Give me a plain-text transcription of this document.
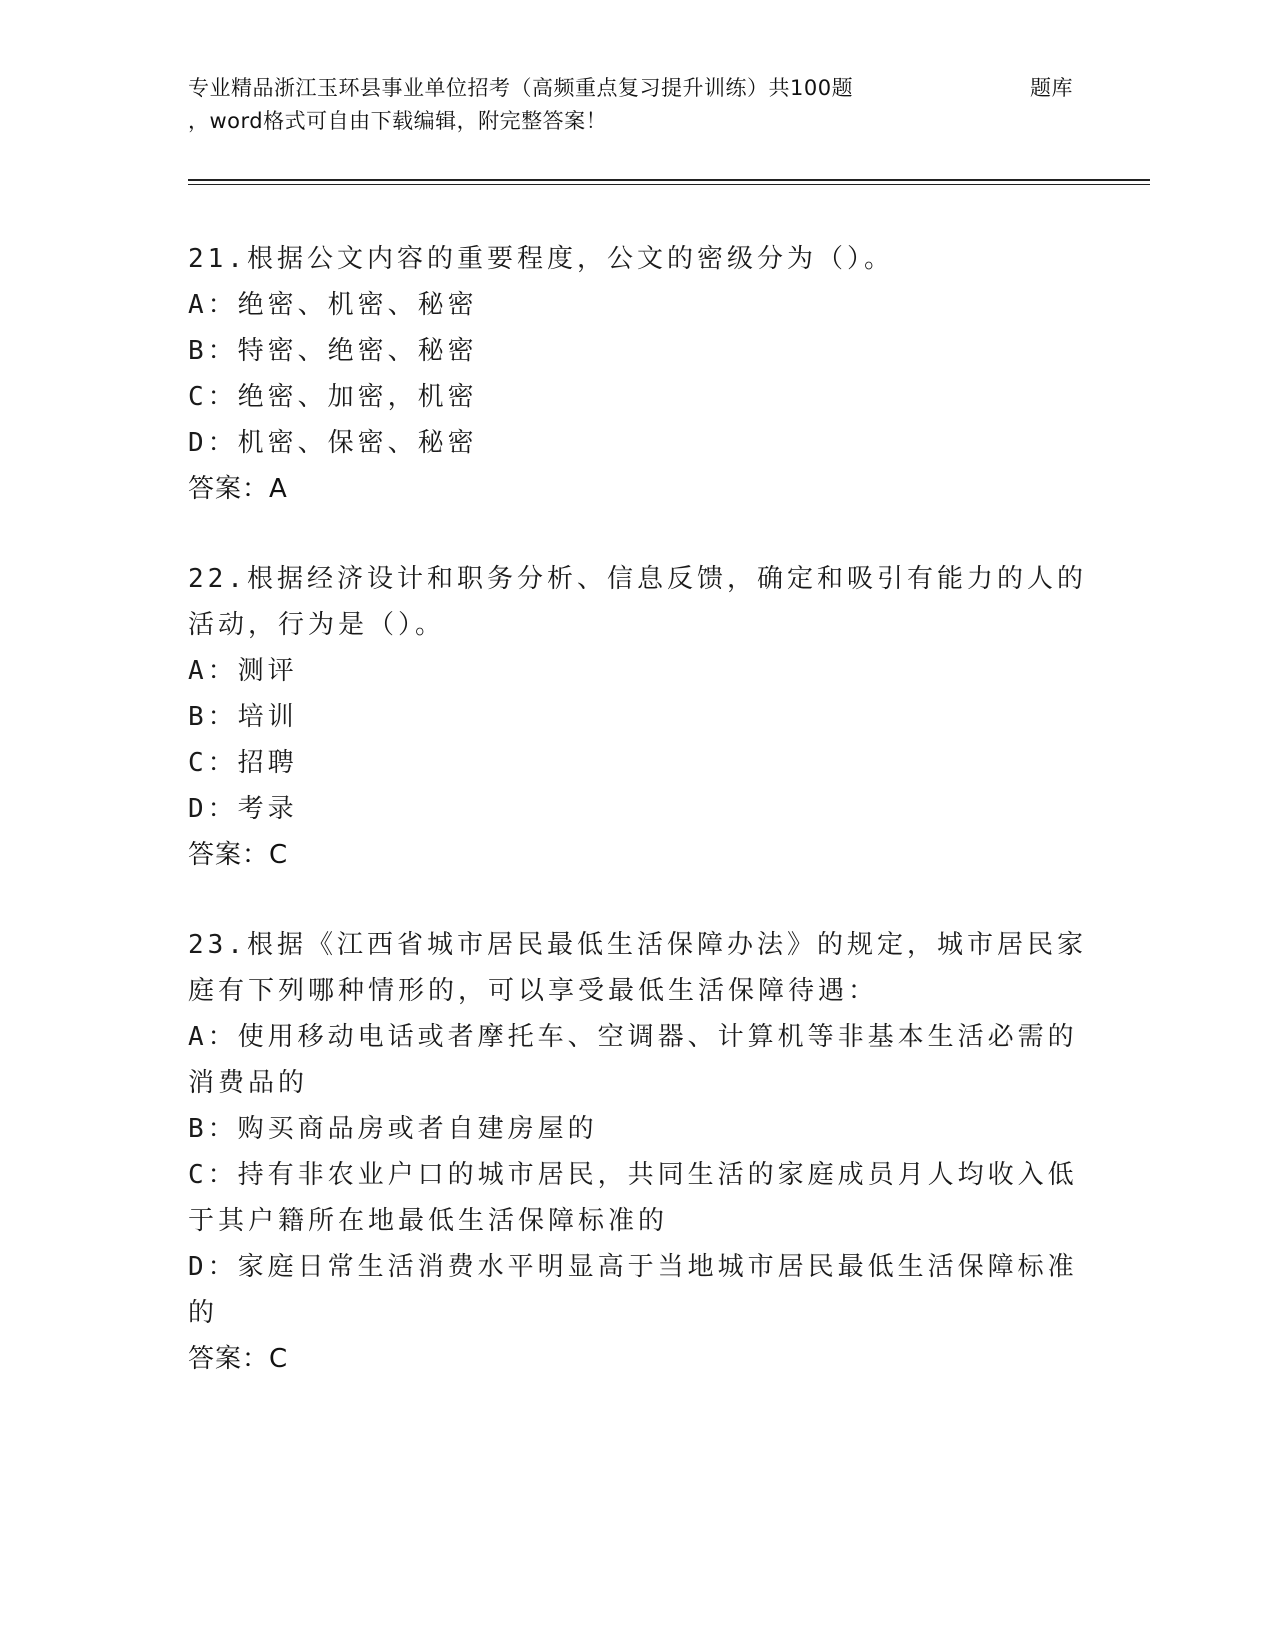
专业精品浙江玉环县事业单位招考（高频重点复习提升训练）共100题	题库
，word格式可自由下载编辑，附完整答案！

21.根据公文内容的重要程度，公文的密级分为（）。

A：绝密、机密、秘密
B：特密、绝密、秘密
C：绝密、加密，机密
D：机密、保密、秘密
答案：A

22.根据经济设计和职务分析、信息反馈，确定和吸引有能力的人的活动，行为是（）。

A：测评
B：培训
C：招聘
D：考录
答案：C

23.根据《江西省城市居民最低生活保障办法》的规定，城市居民家庭有下列哪种情形的，可以享受最低生活保障待遇：

A：使用移动电话或者摩托车、空调器、计算机等非基本生活必需的消费品的
B：购买商品房或者自建房屋的
C：持有非农业户口的城市居民，共同生活的家庭成员月人均收入低于其户籍所在地最低生活保障标准的
D：家庭日常生活消费水平明显高于当地城市居民最低生活保障标准的
答案：C
